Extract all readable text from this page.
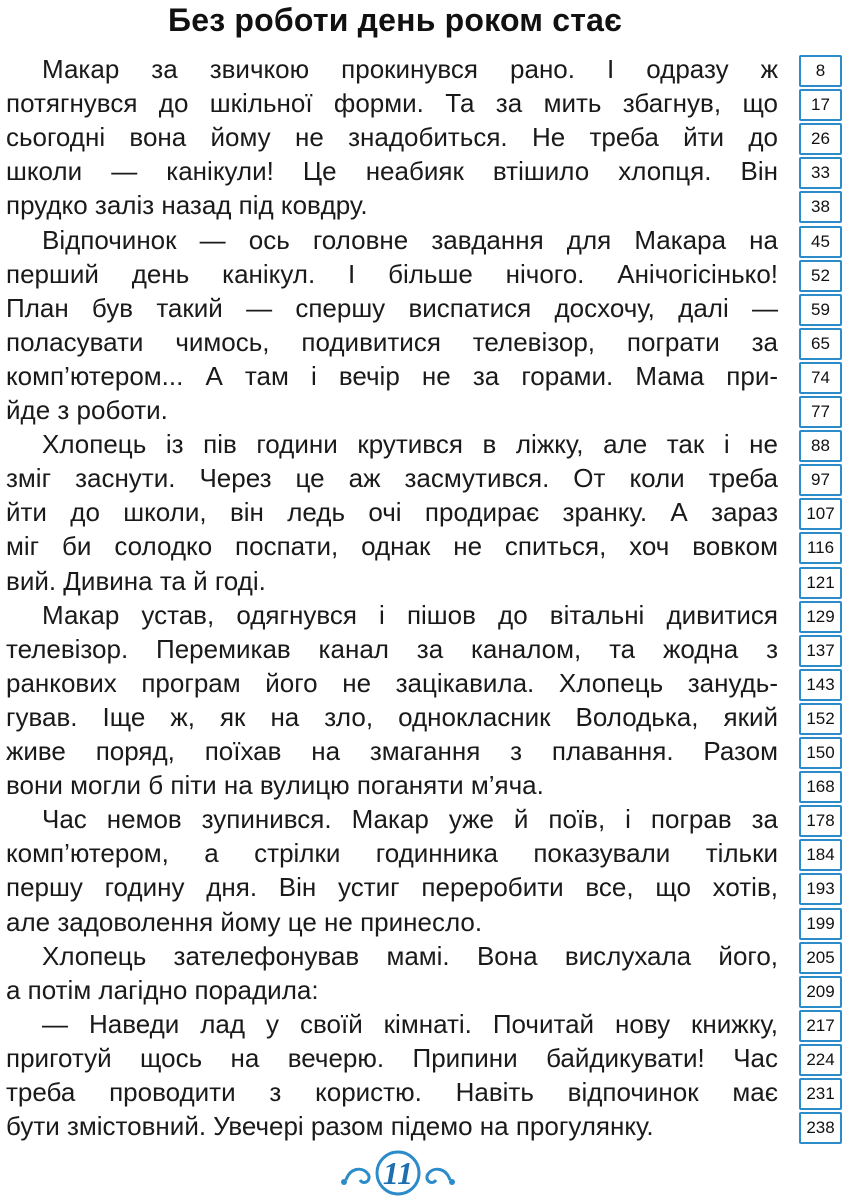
Без роботи день роком стає
Макар за звичкою прокинувся рано. І одразу ж
потягнувся до шкільної форми. Та за мить збагнув, що
сьогодні вона йому не знадобиться. Не треба йти до
школи — канікули! Це неабияк втішило хлопця. Він
прудко заліз назад під ковдру.
Відпочинок — ось головне завдання для Макара на
перший день канікул. І більше нічого. Анічогісінько!
План був такий — спершу виспатися досхочу, далі —
поласувати чимось, подивитися телевізор, пограти за
комп’ютером... А там і вечір не за горами. Мама при-
йде з роботи.
Хлопець із пів години крутився в ліжку, але так і не
зміг заснути. Через це аж засмутився. От коли треба
йти до школи, він ледь очі продирає зранку. А зараз
міг би солодко поспати, однак не спиться, хоч вовком
вий. Дивина та й годі.
Макар устав, одягнувся і пішов до вітальні дивитися
телевізор. Перемикав канал за каналом, та жодна з
ранкових програм його не зацікавила. Хлопець занудь-
гував. Іще ж, як на зло, однокласник Володька, який
живе поряд, поїхав на змагання з плавання. Разом
вони могли б піти на вулицю поганяти м’яча.
Час немов зупинився. Макар уже й поїв, і пограв за
комп’ютером, а стрілки годинника показували тільки
першу годину дня. Він устиг переробити все, що хотів,
але задоволення йому це не принесло.
Хлопець зателефонував мамі. Вона вислухала його,
а потім лагідно порадила:
— Наведи лад у своїй кімнаті. Почитай нову книжку,
приготуй щось на вечерю. Припини байдикувати! Час
треба проводити з користю. Навіть відпочинок має
бути змістовний. Увечері разом підемо на прогулянку.
8
17
26
33
38
45
52
59
65
74
77
88
97
107
116
121
129
137
143
152
150
168
178
184
193
199
205
209
217
224
231
238
11
